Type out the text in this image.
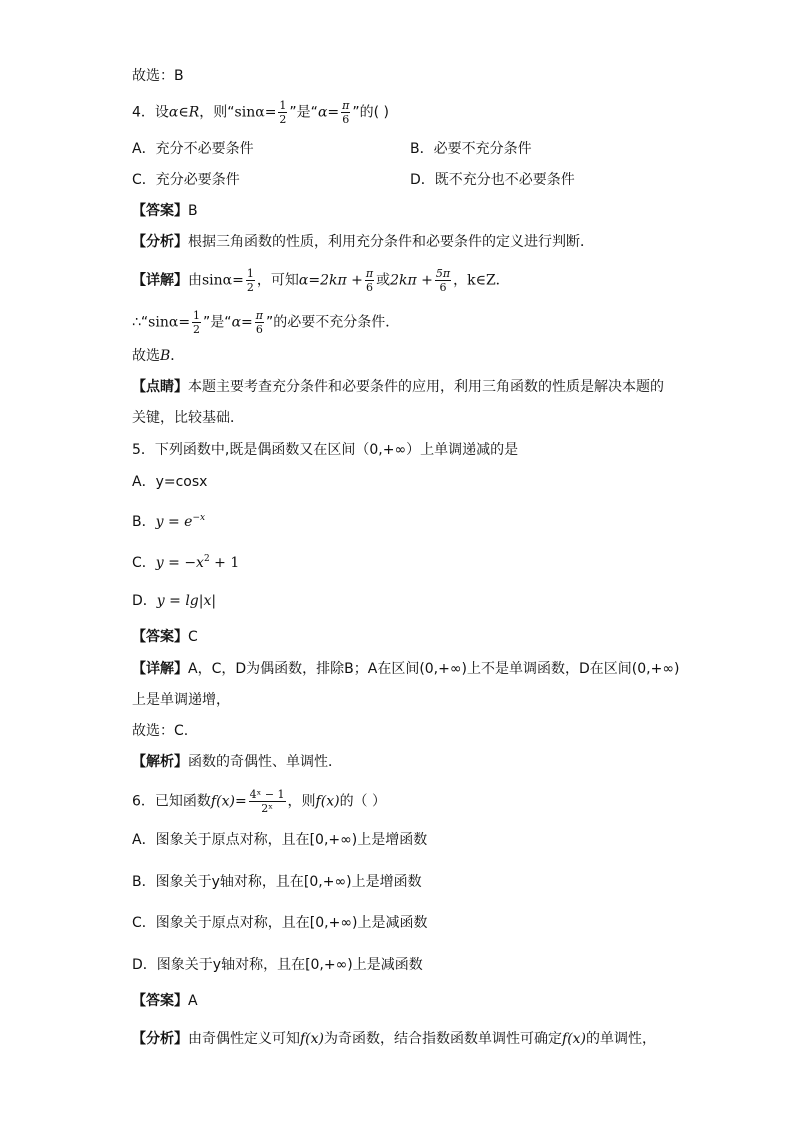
故选：B
4．设α∈R，则“$\sin\alpha= \frac{1}{2}$ ”是“$\alpha= \frac{\pi}{6}$ ”的( )
A．充分不必要条件	B．必要不充分条件
C．充分必要条件	D．既不充分也不必要条件
【答案】B
【分析】根据三角函数的性质，利用充分条件和必要条件的定义进行判断．
【详解】由$\sin\alpha= \frac{1}{2}$ ，可知$\alpha=2k\pi + \frac{\pi}{6}$ 或$2k\pi + \frac{5\pi}{6}$ ，k∈Z．
∴“sinα= $\frac{1}{2}$ ”是“$\alpha= \frac{\pi}{6}$ ”的必要不充分条件．
故选B．
【点睛】本题主要考查充分条件和必要条件的应用，利用三角函数的性质是解决本题的
关键，比较基础．
5．下列函数中,既是偶函数又在区间（0,+∞）上单调递减的是
A．y=cosx
B．$y = e^{-x}$
C．$y = -x^2 + 1$
D．y = lg|x|
【答案】C
【详解】A，C，D为偶函数，排除B；A在区间(0,+∞)上不是单调函数，D在区间(0,+∞)
上是单调递增，
故选：C.
【解析】函数的奇偶性、单调性．
6．已知函数$f(x)= \frac{\text{4ˣ − 1}}{\text{2ˣ}}$ ，则f(x)的（ ）
A．图象关于原点对称，且在[0,+∞)上是增函数
B．图象关于y轴对称，且在[0,+∞)上是增函数
C．图象关于原点对称，且在[0,+∞)上是减函数
D．图象关于y轴对称，且在[0,+∞)上是减函数
【答案】A
【分析】由奇偶性定义可知f(x)为奇函数，结合指数函数单调性可确定f(x)的单调性，
